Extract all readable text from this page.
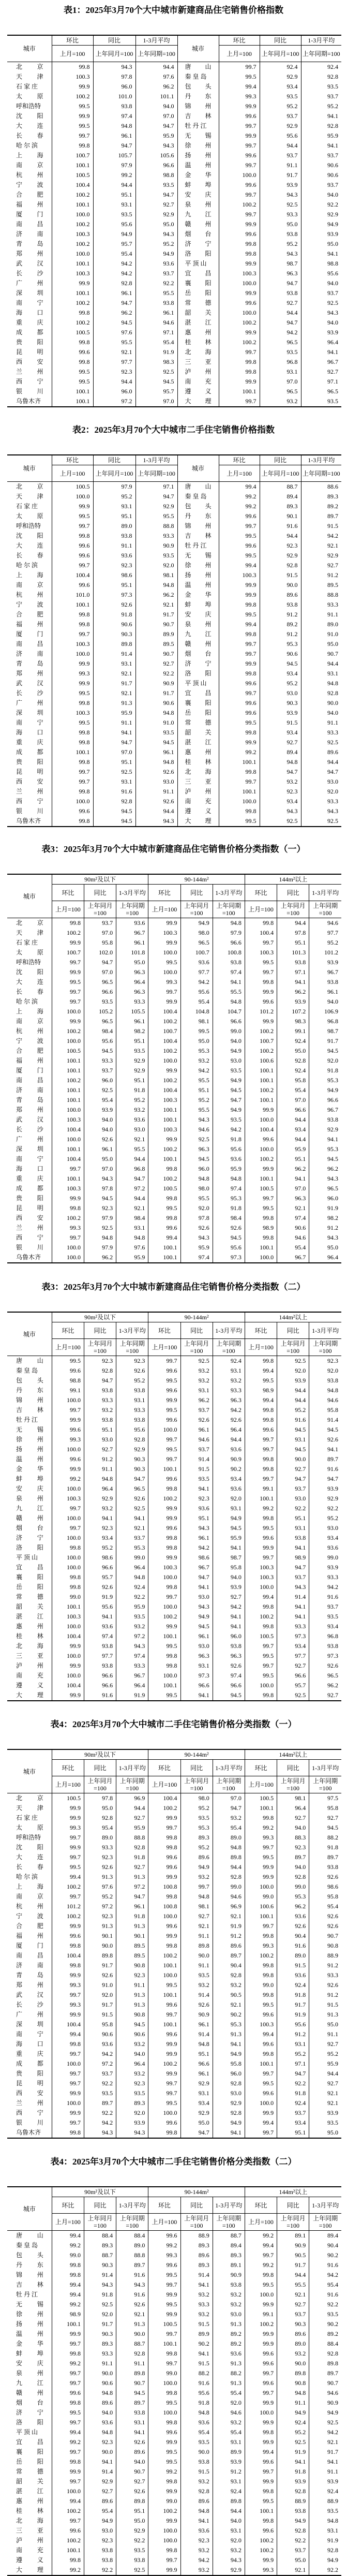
表1：2025年3月70个大中城市新建商品住宅销售价格指数
城市	环比	同比	1-3月平均	城市	环比	同比	1-3月平均
	上月=100	上年同月=100	上年同期=100		上月=100	上年同月=100	上年同期=100

北 京	99.8	94.3	94.4	唐 山	99.7	92.4	92.4

天 津	100.3	97.8	97.6	秦皇岛	99.5	92.9	92.8
石家庄	99.9	96.0	96.2	包 头	99.4	93.4	93.5

太 原	100.2	101.0	101.1	丹 东	99.3	93.5	93.7
呼和浩特	99.5	93.8	94.0	锦 州	99.9	95.2	95.2

沈 阳	99.9	97.4	97.0	吉 林	99.6	93.7	94.1

大 连	99.5	94.8	94.7	牡丹江	99.7	92.9	92.8

长 春	99.7	96.1	95.9	无 锡	99.9	95.6	95.9
哈尔滨	99.8	94.7	94.3	徐 州	99.7	94.4	94.1

上 海	100.7	105.7	105.6	扬 州	99.6	93.7	93.7

南 京	100.1	97.9	96.6	温 州	99.7	91.1	90.6

杭 州	100.5	99.2	98.8	金 华	100.0	91.7	90.6

宁 波	100.4	94.4	93.5	蚌 埠	99.6	93.9	93.7

合 肥	100.2	95.1	94.7	安 庆	99.7	94.3	94.0

福 州	100.1	93.1	92.7	泉 州	100.2	92.5	92.2

厦 门	100.0	93.5	92.9	九 江	99.7	93.3	92.9

南 昌	100.2	95.6	95.0	赣 州	99.9	95.0	94.9

济 南	100.3	94.9	94.3	烟 台	99.6	93.8	93.9

青 岛	100.2	95.7	95.2	济 宁	99.8	95.2	95.0

郑 州	100.0	95.4	94.9	洛 阳	99.8	94.3	94.1

武 汉	100.1	94.2	93.6	平顶山	99.9	98.7	98.8

长 沙	100.3	94.2	93.7	宜 昌	100.3	96.3	95.6

广 州	99.9	92.8	92.2	襄 阳	100.0	94.7	94.0

深 圳	100.1	96.1	95.5	岳 阳	99.9	93.8	93.7

南 宁	100.2	94.7	93.8	常 德	99.6	92.7	92.5

海 口	99.8	96.2	96.1	韶 关	100.0	94.4	94.3

重 庆	100.2	94.5	94.6	湛 江	100.2	94.7	94.0

成 都	100.5	97.6	97.1	惠 州	99.9	94.2	93.9

贵 阳	99.8	95.5	95.4	桂 林	100.2	96.5	96.4

昆 明	99.6	92.1	91.9	北 海	99.7	93.5	94.1

西 安	99.8	97.7	98.3	三 亚	99.8	96.8	96.7

兰 州	99.5	92.3	92.5	泸 州	99.8	93.1	92.7

西 宁	99.5	94.4	94.5	南 充	99.9	97.0	97.1

银 川	100.1	96.0	95.7	遵 义	100.1	96.5	96.5
乌鲁木齐	100.1	97.2	97.0	大 理	99.7	93.2	93.5
表2：2025年3月70个大中城市二手住宅销售价格指数
城市	环比	同比	1-3月平均	城市	环比	同比	1-3月平均
	上月=100	上年同月=100	上年同期=100		上月=100	上年同月=100	上年同期=100

北 京	100.5	97.9	97.1	唐 山	99.4	88.7	88.6

天 津	100.0	95.2	94.7	秦皇岛	99.2	89.4	89.3
石家庄	99.9	93.1	92.9	包 头	99.2	89.3	89.2

太 原	99.5	95.1	95.5	丹 东	99.6	90.1	89.7
呼和浩特	99.7	89.0	88.8	锦 州	99.7	91.6	91.5

沈 阳	99.8	93.8	93.3	吉 林	99.5	94.4	94.2

大 连	99.6	91.1	90.9	牡丹江	99.6	92.3	92.1

长 春	99.6	93.6	93.5	无 锡	99.5	92.9	92.9
哈尔滨	99.7	92.3	92.0	徐 州	99.4	92.8	92.7

上 海	100.4	98.6	98.1	扬 州	100.3	91.5	91.2

南 京	99.6	95.1	94.8	温 州	99.9	90.0	89.5

杭 州	101.0	97.3	96.2	金 华	99.9	89.6	88.8

宁 波	100.1	92.6	92.1	蚌 埠	99.8	93.8	93.3

合 肥	99.8	91.8	91.7	安 庆	99.5	91.2	91.1

福 州	99.8	90.6	90.7	泉 州	99.4	89.2	89.0

厦 门	99.7	90.3	89.9	九 江	99.8	91.2	91.0

南 昌	100.3	89.8	89.5	赣 州	99.7	95.3	95.0

济 南	100.0	91.4	90.7	烟 台	99.7	90.6	90.7

青 岛	99.9	93.1	92.7	济 宁	99.9	94.5	94.4

郑 州	99.3	92.1	92.2	洛 阳	99.8	93.4	93.1

武 汉	99.9	91.7	90.9	平顶山	99.6	95.2	94.8

长 沙	99.5	92.1	91.7	宜 昌	99.7	93.0	92.8

广 州	99.8	91.3	90.6	襄 阳	99.6	90.3	90.0

深 圳	100.3	95.9	94.8	岳 阳	99.6	93.9	94.0

南 宁	99.5	91.1	91.0	常 德	99.5	91.5	91.1

海 口	99.8	94.1	93.5	韶 关	99.8	93.4	93.3

重 庆	99.8	94.7	94.5	湛 江	99.9	92.7	92.5

成 都	100.1	97.0	96.1	惠 州	99.2	89.4	89.6

贵 阳	99.8	95.1	94.8	桂 林	100.1	94.8	94.4

昆 明	99.7	92.5	92.6	北 海	99.8	94.7	94.7

西 安	99.7	93.1	93.0	三 亚	99.7	93.2	93.0

兰 州	99.8	91.6	91.1	泸 州	100.1	92.3	92.0

西 宁	100.0	92.8	92.6	南 充	100.0	93.4	93.3

银 川	99.6	94.5	94.4	遵 义	99.8	94.3	94.3
乌鲁木齐	99.8	94.5	94.3	大 理	99.5	92.5	92.5
表3：2025年3月70个大中城市新建商品住宅销售价格分类指数（一）
城市	90m²及以下			90-144m²			144m²以上		
	环比	同比	1-3月平均	环比	同比	1-3月平均	环比	同比	1-3月平均
	上月=100	上年同月=100	上年同期=100	上月=100	上年同月=100	上年同期=100	上月=100	上年同月=100	上年同期=100

北 京	99.8	93.7	93.6	99.9	94.9	94.8	99.8	94.4	94.6

天 津	100.2	97.0	96.7	100.3	98.0	97.9	100.4	97.8	97.7
石家庄	99.9	95.8	96.1	99.9	96.5	96.6	99.7	95.1	95.2

太 原	100.7	102.0	101.8	100.0	100.7	100.8	100.3	101.3	101.2
呼和浩特	99.7	94.7	95.0	99.5	93.6	93.8	99.5	93.8	93.9

沈 阳	99.9	97.0	96.3	100.0	97.7	97.4	99.7	97.1	96.7

大 连	99.5	96.5	96.4	99.3	94.2	94.1	99.8	94.1	93.8

长 春	99.7	96.6	96.3	99.7	95.6	95.5	99.9	96.2	96.1
哈尔滨	99.7	93.5	93.3	99.9	95.4	94.8	99.6	93.9	94.0

上 海	100.0	105.2	105.5	100.4	104.8	104.7	101.2	107.2	106.9

南 京	99.9	96.5	96.1	100.2	98.1	96.6	99.9	98.3	96.8

杭 州	100.2	98.4	98.2	100.7	99.5	99.0	100.2	99.1	98.7

宁 波	100.0	95.6	95.1	100.4	95.0	94.0	100.7	92.4	91.7

合 肥	100.5	94.5	93.5	100.2	95.3	94.9	100.2	95.0	94.5

福 州	100.1	93.3	92.9	100.0	93.2	93.0	100.6	92.8	92.0

厦 门	100.1	93.7	92.9	99.9	94.2	93.5	100.1	92.4	91.8

南 昌	100.2	96.0	95.1	100.2	95.5	94.9	100.1	95.8	95.3

济 南	100.1	92.5	91.8	100.4	95.1	94.5	100.2	95.4	94.9

青 岛	100.1	95.4	95.2	100.3	95.2	94.7	100.1	97.0	96.6

郑 州	100.0	93.9	93.2	100.1	95.5	94.9	99.9	96.6	96.7

武 汉	100.3	94.0	93.6	100.1	94.3	93.5	100.0	94.4	93.8

长 沙	100.4	94.0	93.0	100.3	94.6	94.2	100.4	93.4	92.9

广 州	100.0	92.6	92.1	99.9	92.5	91.8	99.6	94.4	94.1

深 圳	100.1	96.1	95.5	100.2	96.3	95.6	100.0	95.9	95.3

南 宁	100.4	95.0	94.4	100.1	94.5	93.6	100.2	95.1	94.5

海 口	99.7	97.0	96.8	99.8	96.0	95.9	99.9	96.2	96.2

重 庆	100.1	94.3	94.7	100.2	94.8	94.8	100.1	94.1	94.3

成 都	100.3	97.8	97.2	100.5	98.0	97.4	100.5	97.0	96.5

贵 阳	99.9	94.5	94.4	99.8	95.5	95.3	99.7	96.3	96.0

昆 明	99.8	92.3	92.1	99.5	92.0	91.8	99.5	92.1	91.9

西 安	100.2	97.9	98.4	99.8	97.8	98.4	99.8	97.4	98.2

兰 州	99.3	92.5	93.1	99.6	92.6	92.6	98.9	90.6	91.2

西 宁	99.7	94.8	94.8	99.4	94.3	94.5	99.8	94.6	94.3

银 川	100.0	97.9	97.6	100.1	95.9	95.6	100.1	95.4	95.0
乌鲁木齐	100.0	96.2	95.9	100.1	97.4	97.3	100.0	96.7	96.4
表3：2025年3月70个大中城市新建商品住宅销售价格分类指数（二）
城市	90m²及以下			90-144m²			144m²以上		
	环比	同比	1-3月平均	环比	同比	1-3月平均	环比	同比	1-3月平均
	上月=100	上年同月=100	上年同期=100	上月=100	上年同月=100	上年同期=100	上月=100	上年同月=100	上年同期=100

唐 山	99.5	92.3	92.3	99.7	92.5	92.4	99.8	92.5	92.3
秦皇岛	99.6	92.8	92.6	99.6	93.2	93.1	99.4	92.0	92.0

包 头	98.8	94.7	95.2	99.5	93.2	93.2	99.5	93.9	93.8

丹 东	99.1	93.8	93.8	99.6	93.1	93.3	98.9	94.4	94.8

锦 州	100.0	93.3	93.1	99.9	96.2	96.3	99.4	94.4	94.6

吉 林	99.7	93.2	93.3	99.5	93.7	94.2	99.8	95.2	95.8
牡丹江	99.9	93.8	93.8	99.6	92.6	92.6	99.8	91.6	91.4

无 锡	99.6	95.1	95.6	100.0	96.1	96.4	99.6	94.5	94.5

徐 州	99.3	93.0	92.8	99.7	94.6	94.4	99.7	93.1	92.6

扬 州	100.0	92.7	92.9	99.5	93.7	93.6	99.7	94.5	94.1

温 州	99.6	91.2	90.3	99.7	91.4	90.9	99.8	90.0	89.7

金 华	99.9	91.1	90.3	100.1	91.5	90.2	99.8	92.7	91.6

蚌 埠	99.2	94.8	94.7	99.6	93.5	93.4	99.7	94.7	94.7

安 庆	100.0	96.4	96.5	99.8	94.1	93.6	99.1	93.7	93.9

泉 州	100.3	92.9	92.6	100.2	92.3	92.0	100.1	93.0	92.9

九 江	99.7	93.2	92.5	99.9	93.6	93.1	99.2	92.2	92.2

赣 州	100.0	94.1	94.1	99.9	95.1	94.9	99.8	95.1	95.2

烟 台	99.7	92.3	92.1	99.6	94.3	94.5	99.5	93.1	93.0

济 宁	100.0	93.4	93.7	99.8	96.1	95.9	99.6	93.8	93.4

洛 阳	99.8	95.2	95.3	99.8	94.2	94.1	99.9	94.1	93.6
平顶山	100.0	98.6	99.0	99.9	98.6	98.7	99.7	98.9	99.0

宜 昌	100.0	96.6	96.4	100.3	96.7	95.8	100.3	94.7	93.9

襄 阳	99.8	95.7	94.8	100.0	94.7	94.0	100.3	93.7	93.3

岳 阳	99.8	92.6	92.4	99.8	94.1	93.9	100.0	94.3	94.2

常 德	99.0	91.9	92.2	99.7	93.0	92.7	99.4	91.4	91.6

韶 关	100.1	95.6	95.9	100.0	94.3	94.2	99.8	94.1	93.7

湛 江	100.3	94.1	93.5	100.2	94.9	94.1	100.2	94.1	93.5

惠 州	100.0	93.6	93.2	99.9	94.5	94.1	99.8	93.3	93.4

桂 林	100.4	97.4	97.2	100.1	96.1	96.0	100.5	97.3	96.8

北 海	99.9	93.8	94.3	99.5	93.0	93.8	99.7	93.4	93.8

三 亚	100.0	97.7	97.4	99.8	96.3	96.3	99.5	97.7	97.3

泸 州	99.9	93.8	93.3	99.8	93.1	92.6	99.7	92.7	92.6

南 充	100.0	96.6	96.7	100.0	97.3	97.4	99.5	96.6	96.5

遵 义	100.4	96.6	96.4	100.1	96.6	96.6	100.0	95.7	96.2

大 理	99.9	91.6	91.9	99.5	94.1	94.5	99.8	92.5	92.7
表4：2025年3月70个大中城市二手住宅销售价格分类指数（一）
城市	90m²及以下			90-144m²			144m²以上		
	环比	同比	1-3月平均	环比	同比	1-3月平均	环比	同比	1-3月平均
	上月=100	上年同月=100	上年同期=100	上月=100	上年同月=100	上年同期=100	上月=100	上年同月=100	上年同期=100

北 京	100.5	97.8	96.9	100.4	98.0	97.0	100.5	98.1	97.5

天 津	99.9	95.0	94.4	100.2	95.2	94.7	100.1	96.4	95.8
石家庄	99.9	92.8	92.7	99.9	93.5	93.2	99.8	92.7	92.7

太 原	99.3	95.4	95.9	99.7	95.3	95.4	99.2	94.0	94.5
呼和浩特	99.7	89.0	88.8	99.8	89.3	89.0	99.3	88.3	88.2

沈 阳	99.9	93.3	92.8	99.8	95.2	94.8	99.7	92.3	91.8

大 连	99.7	92.3	91.8	99.6	89.6	89.8	99.5	89.7	89.7

长 春	99.5	92.6	92.7	99.6	94.9	94.4	99.9	94.0	93.8
哈尔滨	99.4	91.3	91.3	99.9	93.2	92.8	99.9	92.8	92.6

上 海	100.2	97.6	97.2	100.8	99.7	99.0	100.0	99.0	98.6

南 京	99.7	95.2	94.7	99.8	94.8	94.6	99.0	95.3	95.8

杭 州	101.2	97.2	96.1	100.8	98.1	96.9	100.6	96.2	95.4

宁 波	100.2	92.3	91.8	100.0	92.7	92.1	100.1	93.6	92.6

合 肥	99.9	91.3	91.3	99.6	92.1	91.9	99.7	92.6	92.6

福 州	99.6	90.1	90.1	99.9	91.1	91.2	99.8	90.4	90.7

厦 门	99.8	90.0	89.5	99.8	89.8	89.6	99.3	91.6	90.8

南 昌	100.4	89.8	89.5	100.2	90.0	89.7	100.2	89.0	88.9

济 南	99.8	91.7	90.8	100.1	91.1	90.4	99.8	91.5	91.2

青 岛	99.9	92.6	92.3	100.0	93.5	92.8	99.8	93.6	93.3

郑 州	99.3	91.0	91.1	99.5	93.2	93.2	99.0	92.4	92.6

武 汉	99.7	92.0	91.3	100.1	91.4	90.5	99.8	91.8	91.2

长 沙	99.3	91.7	91.3	99.6	92.6	92.1	99.5	91.7	91.5

广 州	99.9	91.5	90.8	99.7	90.9	90.2	99.6	91.9	91.3

深 圳	100.4	95.8	94.5	100.1	96.1	95.3	100.3	95.6	95.0

南 宁	99.4	90.6	90.6	99.6	91.4	91.3	99.4	91.2	91.1

海 口	99.8	93.6	93.2	99.9	94.8	94.1	99.6	93.1	92.7

重 庆	99.7	94.2	94.0	99.9	95.1	94.9	99.8	95.2	95.2

成 都	100.0	97.2	96.4	100.2	96.6	95.8	100.1	97.1	95.9

贵 阳	99.7	93.7	93.2	99.9	96.1	96.0	99.7	94.7	94.4

昆 明	99.7	92.2	92.3	99.7	92.9	92.8	99.5	92.2	92.7

西 安	99.9	93.5	93.5	99.7	93.1	93.0	99.6	91.8	92.1

兰 州	100.0	89.7	89.3	99.5	93.4	92.9	100.0	92.4	92.1

西 宁	99.9	92.2	92.0	100.0	92.9	92.8	99.9	93.7	93.9

银 川	99.7	94.2	93.9	99.6	95.0	94.9	99.4	93.4	93.5
乌鲁木齐	99.8	94.3	94.3	99.8	94.7	94.1	99.7	95.1	95.0
表4：2025年3月70个大中城市二手住宅销售价格分类指数（二）
城市	90m²及以下			90-144m²			144m²以上		
	环比	同比	1-3月平均	环比	同比	1-3月平均	环比	同比	1-3月平均
	上月=100	上年同月=100	上年同期=100	上月=100	上年同月=100	上年同期=100	上月=100	上年同月=100	上年同期=100

唐 山	99.4	88.4	88.4	99.6	88.9	88.7	99.2	89.1	89.4
秦皇岛	99.2	89.3	89.0	99.2	89.3	89.4	99.4	90.9	90.4

包 头	99.0	88.7	88.8	99.3	89.6	89.3	99.7	90.5	90.2

丹 东	99.8	90.3	89.7	99.6	89.3	89.1	99.2	91.7	91.6

锦 州	99.8	91.4	91.6	99.5	91.4	90.9	99.8	94.4	94.2

吉 林	99.4	94.3	94.3	99.7	94.1	93.8	99.5	95.5	95.4
牡丹江	99.4	91.8	91.6	99.9	93.2	93.2	100.0	92.1	91.6

无 锡	99.2	92.5	92.6	99.5	93.3	93.2	99.9	92.7	92.2

徐 州	98.9	92.0	92.1	99.9	93.2	93.0	99.1	93.7	93.5

扬 州	100.1	91.7	91.3	100.5	91.5	91.3	100.2	90.3	90.2

温 州	99.9	90.3	90.0	99.7	89.9	89.2	99.9	89.6	89.2

金 华	99.7	89.3	88.7	100.1	90.2	89.2	99.9	89.0	88.4

蚌 埠	99.8	93.3	92.8	99.8	94.1	93.6	99.6	93.2	92.8

安 庆	99.2	91.1	91.1	99.7	91.5	91.3	99.6	90.0	89.8

泉 州	99.7	90.0	89.8	99.0	88.2	88.2	99.7	89.8	89.7

九 江	99.7	90.6	90.7	100.0	91.6	91.3	99.6	90.8	90.7

赣 州	99.6	94.8	94.5	99.8	95.6	95.4	99.7	94.8	94.6

烟 台	99.8	89.6	89.7	99.5	91.8	92.0	99.9	91.1	90.9

济 宁	99.5	94.0	93.8	100.0	94.8	94.6	100.0	94.9	94.9

洛 阳	99.7	93.6	93.1	99.8	93.6	93.2	99.9	92.4	92.5
平顶山	99.4	94.8	94.1	99.6	95.4	95.4	99.8	95.2	94.2

宜 昌	99.2	92.3	92.6	99.9	93.5	93.1	99.9	92.5	92.1

襄 阳	99.7	90.0	89.6	99.5	90.0	89.9	99.4	91.9	91.7

岳 阳	99.8	94.1	94.0	99.5	93.8	93.9	99.6	94.1	94.1

常 德	99.9	91.4	90.7	99.2	91.5	91.2	99.7	91.8	91.1

韶 关	99.7	92.9	92.7	99.8	93.2	93.1	99.9	93.9	93.9

湛 江	100.0	92.7	92.6	99.9	92.8	92.4	99.8	92.8	92.4

惠 州	99.4	89.6	89.8	99.0	89.6	89.8	99.5	88.9	88.9

桂 林	100.2	95.4	95.1	100.2	94.8	94.4	100.1	93.8	93.5

北 海	99.7	94.9	95.0	99.9	94.1	94.0	99.8	94.9	94.8

三 亚	99.6	93.0	92.9	100.0	93.6	93.1	99.6	92.8	93.1

泸 州	100.2	92.3	92.2	100.0	92.3	92.0	100.2	92.2	91.9

南 充	100.1	93.8	93.5	99.8	93.2	93.2	100.2	93.7	92.8

遵 义	99.8	93.8	93.8	99.7	94.2	94.3	99.9	95.0	94.9

大 理	99.2	92.2	92.5	99.9	93.2	92.9	99.3	92.1	92.2
